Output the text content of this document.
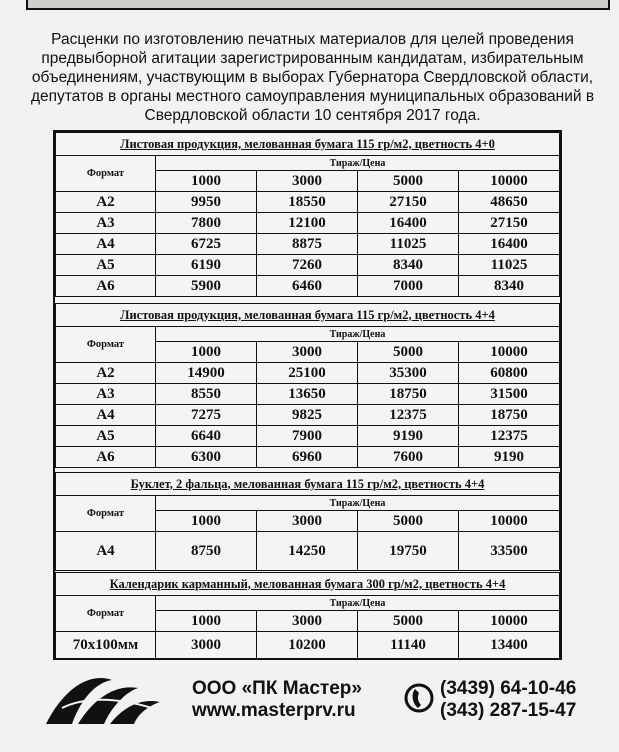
Расценки по изготовлению печатных материалов для целей проведения предвыборной агитации зарегистрированным кандидатам, избирательным объединениям, участвующим в выборах Губернатора Свердловской области, депутатов в органы местного самоуправления муниципальных образований в Свердловской области 10 сентября 2017 года.
Листовая продукция, мелованная бумага 115 гр/м2, цветность 4+0				
Формат	Тираж/Цена			
	1000	3000	5000	10000
А2	9950	18550	27150	48650
А3	7800	12100	16400	27150
А4	6725	8875	11025	16400
А5	6190	7260	8340	11025
А6	5900	6460	7000	8340
Листовая продукция, мелованная бумага 115 гр/м2, цветность 4+4				
Формат	Тираж/Цена			
	1000	3000	5000	10000
А2	14900	25100	35300	60800
А3	8550	13650	18750	31500
А4	7275	9825	12375	18750
А5	6640	7900	9190	12375
А6	6300	6960	7600	9190
Буклет, 2 фальца, мелованная бумага 115 гр/м2, цветность 4+4				
Формат	Тираж/Цена			
	1000	3000	5000	10000
А4	8750	14250	19750	33500
Календарик карманный, мелованная бумага 300 гр/м2, цветность 4+4				
Формат	Тираж/Цена			
	1000	3000	5000	10000
70х100мм	3000	10200	11140	13400
ООО «ПК Мастер»
www.masterprv.ru
(3439) 64-10-46
(343) 287-15-47
